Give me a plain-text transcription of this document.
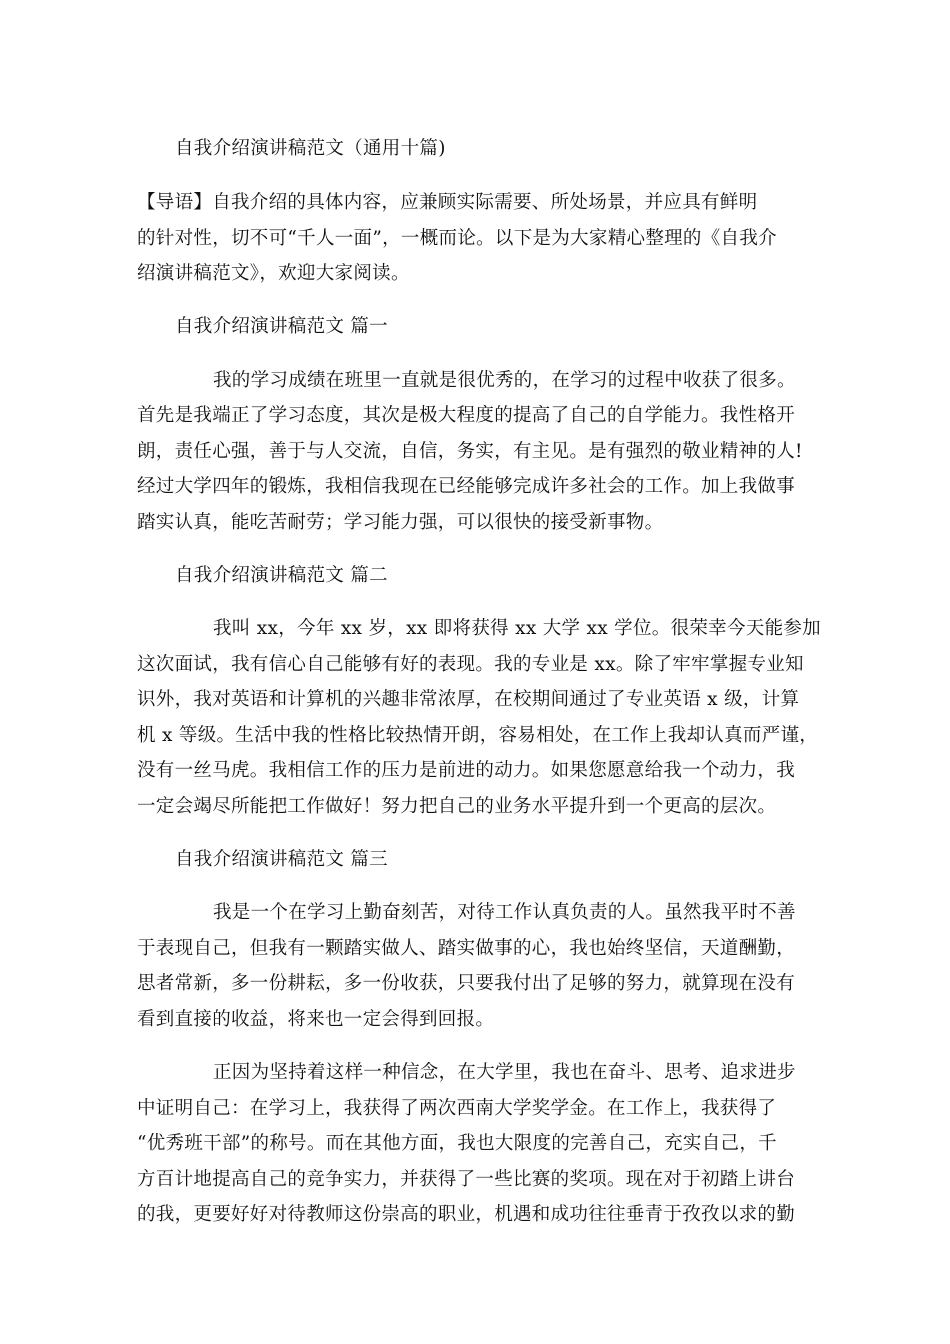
自我介绍演讲稿范文（通用十篇)
【导语】自我介绍的具体内容，应兼顾实际需要、所处场景，并应具有鲜明
的针对性，切不可“千人一面”，一概而论。以下是为大家精心整理的《自我介
绍演讲稿范文》，欢迎大家阅读。
自我介绍演讲稿范文 篇一
我的学习成绩在班里一直就是很优秀的，在学习的过程中收获了很多。
首先是我端正了学习态度，其次是极大程度的提高了自己的自学能力。我性格开
朗，责任心强，善于与人交流，自信，务实，有主见。是有强烈的敬业精神的人!
经过大学四年的锻炼，我相信我现在已经能够完成许多社会的工作。加上我做事
踏实认真，能吃苦耐劳；学习能力强，可以很快的接受新事物。
自我介绍演讲稿范文 篇二
我叫 xx，今年 xx 岁，xx 即将获得 xx 大学 xx 学位。很荣幸今天能参加
这次面试，我有信心自己能够有好的表现。我的专业是 xx。除了牢牢掌握专业知
识外，我对英语和计算机的兴趣非常浓厚，在校期间通过了专业英语 x 级，计算
机 x 等级。生活中我的性格比较热情开朗，容易相处，在工作上我却认真而严谨，
没有一丝马虎。我相信工作的压力是前进的动力。如果您愿意给我一个动力，我
一定会竭尽所能把工作做好！努力把自己的业务水平提升到一个更高的层次。
自我介绍演讲稿范文 篇三
我是一个在学习上勤奋刻苦，对待工作认真负责的人。虽然我平时不善
于表现自己，但我有一颗踏实做人、踏实做事的心，我也始终坚信，天道酬勤，
思者常新，多一份耕耘，多一份收获，只要我付出了足够的努力，就算现在没有
看到直接的收益，将来也一定会得到回报。
正因为坚持着这样一种信念，在大学里，我也在奋斗、思考、追求进步
中证明自己：在学习上，我获得了两次西南大学奖学金。在工作上，我获得了
“优秀班干部”的称号。而在其他方面，我也大限度的完善自己，充实自己，千
方百计地提高自己的竞争实力，并获得了一些比赛的奖项。现在对于初踏上讲台
的我，更要好好对待教师这份崇高的职业，机遇和成功往往垂青于孜孜以求的勤
